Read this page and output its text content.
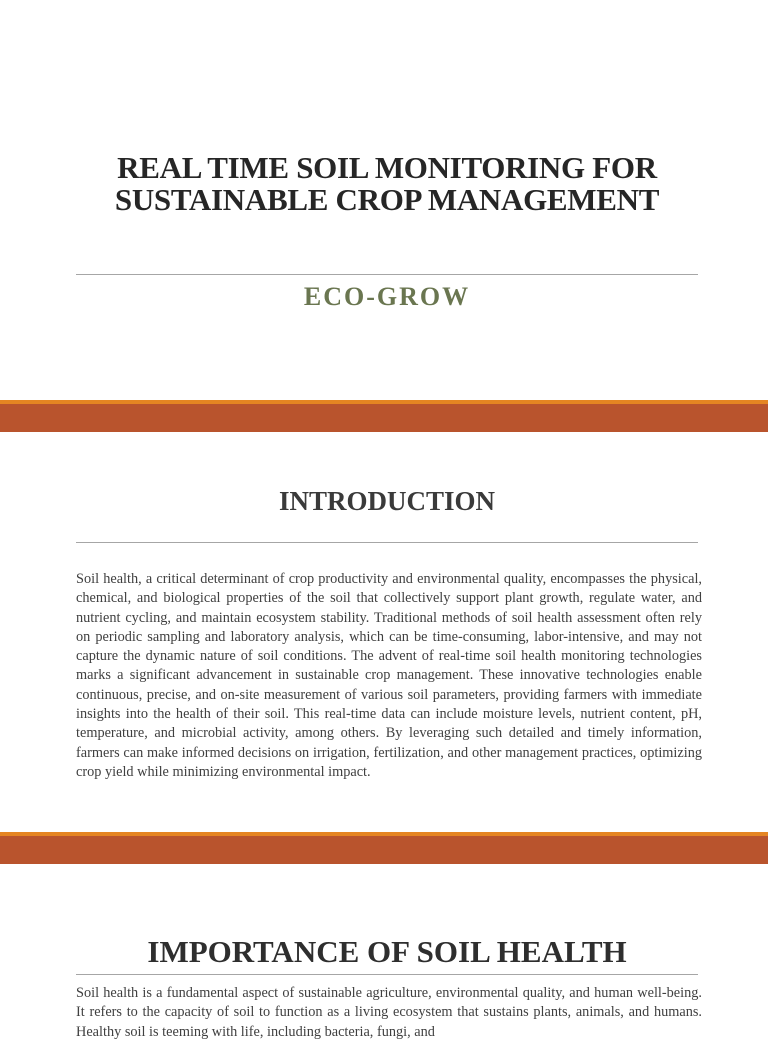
REAL TIME SOIL MONITORING FOR
SUSTAINABLE CROP MANAGEMENT

ECO-GROW

INTRODUCTION

Soil health, a critical determinant of crop productivity and environmental quality, encompasses the physical, chemical, and biological properties of the soil that collectively support plant growth, regulate water, and nutrient cycling, and maintain ecosystem stability. Traditional methods of soil health assessment often rely on periodic sampling and laboratory analysis, which can be time-consuming, labor-intensive, and may not capture the dynamic nature of soil conditions. The advent of real-time soil health monitoring technologies marks a significant advancement in sustainable crop management. These innovative technologies enable continuous, precise, and on-site measurement of various soil parameters, providing farmers with immediate insights into the health of their soil. This real-time data can include moisture levels, nutrient content, pH, temperature, and microbial activity, among others. By leveraging such detailed and timely information, farmers can make informed decisions on irrigation, fertilization, and other management practices, optimizing crop yield while minimizing environmental impact.

IMPORTANCE OF SOIL HEALTH

Soil health is a fundamental aspect of sustainable agriculture, environmental quality, and human well-being. It refers to the capacity of soil to function as a living ecosystem that sustains plants, animals, and humans. Healthy soil is teeming with life, including bacteria, fungi, and
